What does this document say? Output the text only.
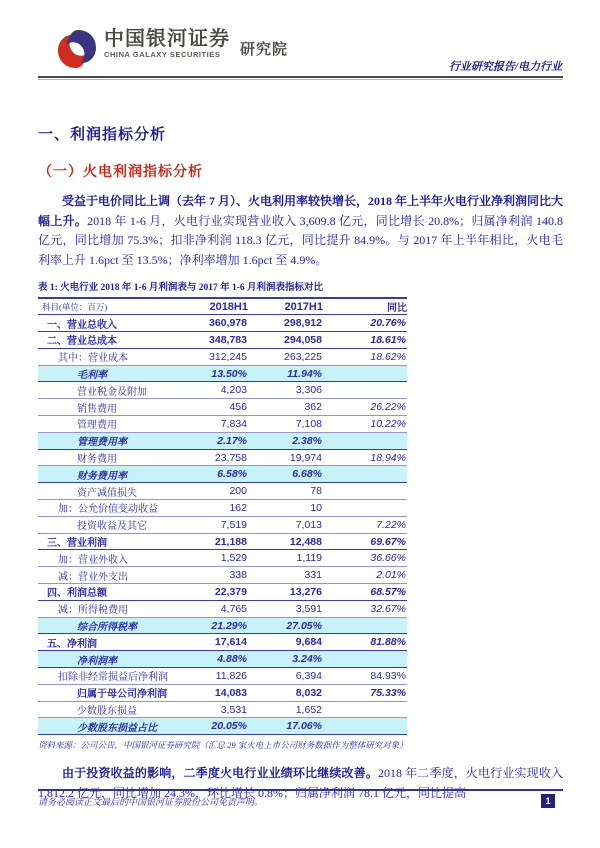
中国银河证券
CHINA GALAXY SECURITIES	研究院
行业研究报告/电力行业
一、利润指标分析
（一）火电利润指标分析

受益于电价同比上调（去年 7 月）、火电利用率较快增长，2018 年上半年火电行业净利润同比大幅上升。2018 年 1-6 月，火电行业实现营业收入 3,609.8 亿元，同比增长 20.8%；归属净利润 140.8 亿元，同比增加 75.3%；扣非净利润 118.3 亿元，同比提升 84.9%。与 2017 年上半年相比，火电毛利率上升 1.6pct 至 13.5%；净利率增加 1.6pct 至 4.9%。

表 1: 火电行业 2018 年 1-6 月利润表与 2017 年 1-6 月利润表指标对比
科目(单位：百万)	2018H1	2017H1	同比
一、营业总收入	360,978	298,912	20.76%
二、营业总成本	348,783	294,058	18.61%
其中：营业成本	312,245	263,225	18.62%
毛利率	13.50%	11.94%	
营业税金及附加	4,203	3,306	
销售费用	456	362	26.22%
管理费用	7,834	7,108	10.22%
管理费用率	2.17%	2.38%	
财务费用	23,758	19,974	18.94%
财务费用率	6.58%	6.68%	
资产减值损失	200	78	
加：公允价值变动收益	162	10	
投资收益及其它	7,519	7,013	7.22%
三、营业利润	21,188	12,488	69.67%
加：营业外收入	1,529	1,119	36.66%
减：营业外支出	338	331	2.01%
四、利润总额	22,379	13,276	68.57%
减：所得税费用	4,765	3,591	32.67%
综合所得税率	21.29%	27.05%	
五、净利润	17,614	9,684	81.88%
净利润率	4.88%	3.24%	
扣除非经常损益后净利润	11,826	6,394	84.93%
归属于母公司净利润	14,083	8,032	75.33%
少数股东损益	3,531	1,652	
少数股东损益占比	20.05%	17.06%	
资料来源：公司公告，中国银河证券研究院（汇总 29 家火电上市公司财务数据作为整体研究对象）

由于投资收益的影响，二季度火电行业业绩环比继续改善。2018 年二季度，火电行业实现收入 1,812.2 亿元，同比增加 24.3%，环比增长 0.8%；归属净利润 78.1 亿元，同比提高

请务必阅读正文最后的中国银河证券股份公司免责声明。	1
